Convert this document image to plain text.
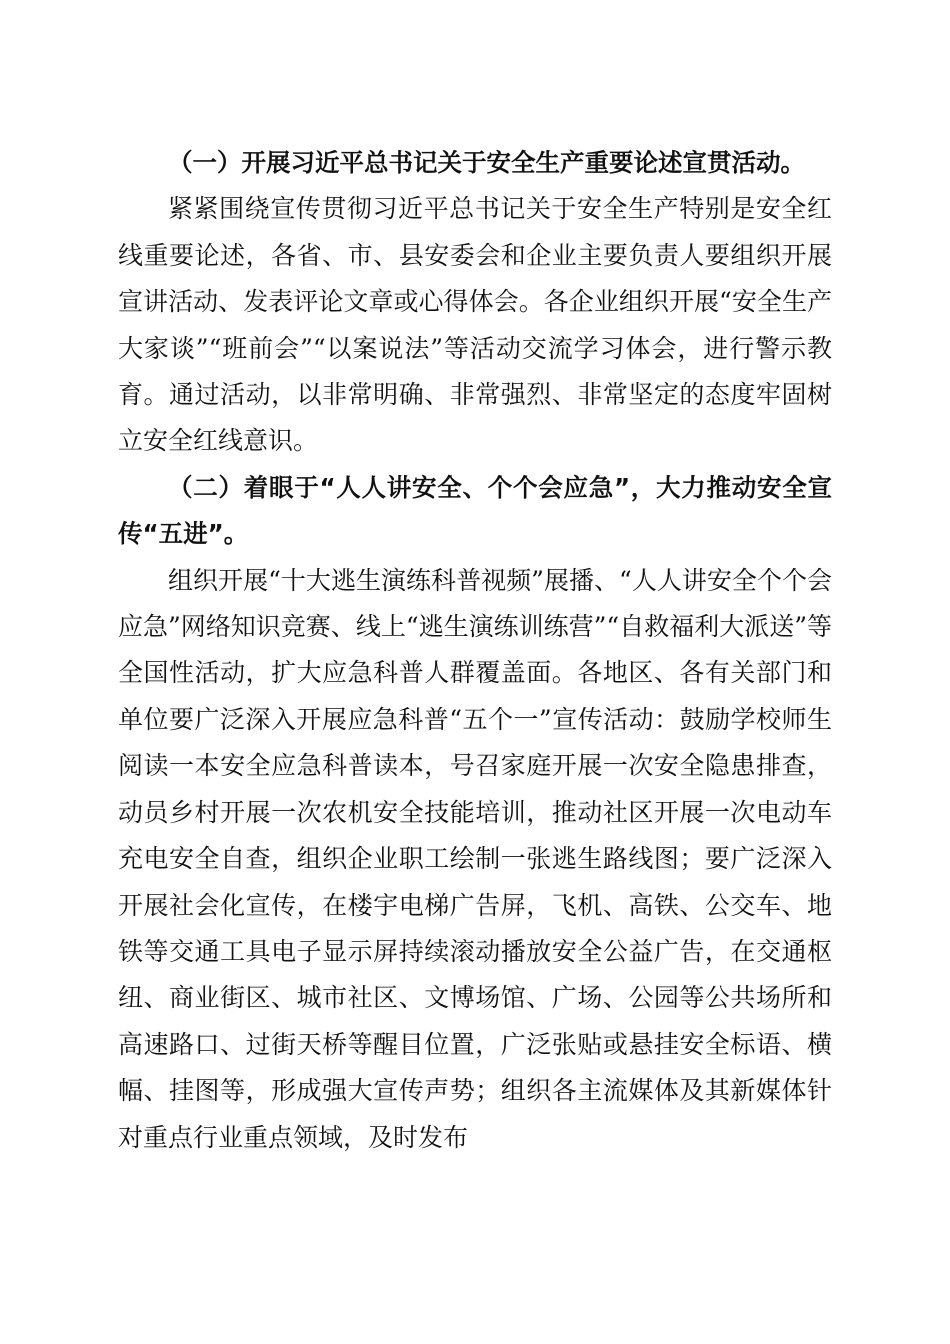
（一）开展习近平总书记关于安全生产重要论述宣贯活动。

紧紧围绕宣传贯彻习近平总书记关于安全生产特别是安全红线重要论述，各省、市、县安委会和企业主要负责人要组织开展宣讲活动、发表评论文章或心得体会。各企业组织开展“安全生产大家谈”“班前会”“以案说法”等活动交流学习体会，进行警示教育。通过活动，以非常明确、非常强烈、非常坚定的态度牢固树立安全红线意识。

（二）着眼于“人人讲安全、个个会应急”，大力推动安全宣传“五进”。

组织开展“十大逃生演练科普视频”展播、“人人讲安全个个会应急”网络知识竞赛、线上“逃生演练训练营”“自救福利大派送”等全国性活动，扩大应急科普人群覆盖面。各地区、各有关部门和单位要广泛深入开展应急科普“五个一”宣传活动：鼓励学校师生阅读一本安全应急科普读本，号召家庭开展一次安全隐患排查，动员乡村开展一次农机安全技能培训，推动社区开展一次电动车充电安全自查，组织企业职工绘制一张逃生路线图；要广泛深入开展社会化宣传，在楼宇电梯广告屏，飞机、高铁、公交车、地铁等交通工具电子显示屏持续滚动播放安全公益广告，在交通枢纽、商业街区、城市社区、文博场馆、广场、公园等公共场所和高速路口、过街天桥等醒目位置，广泛张贴或悬挂安全标语、横幅、挂图等，形成强大宣传声势；组织各主流媒体及其新媒体针对重点行业重点领域，及时发布
